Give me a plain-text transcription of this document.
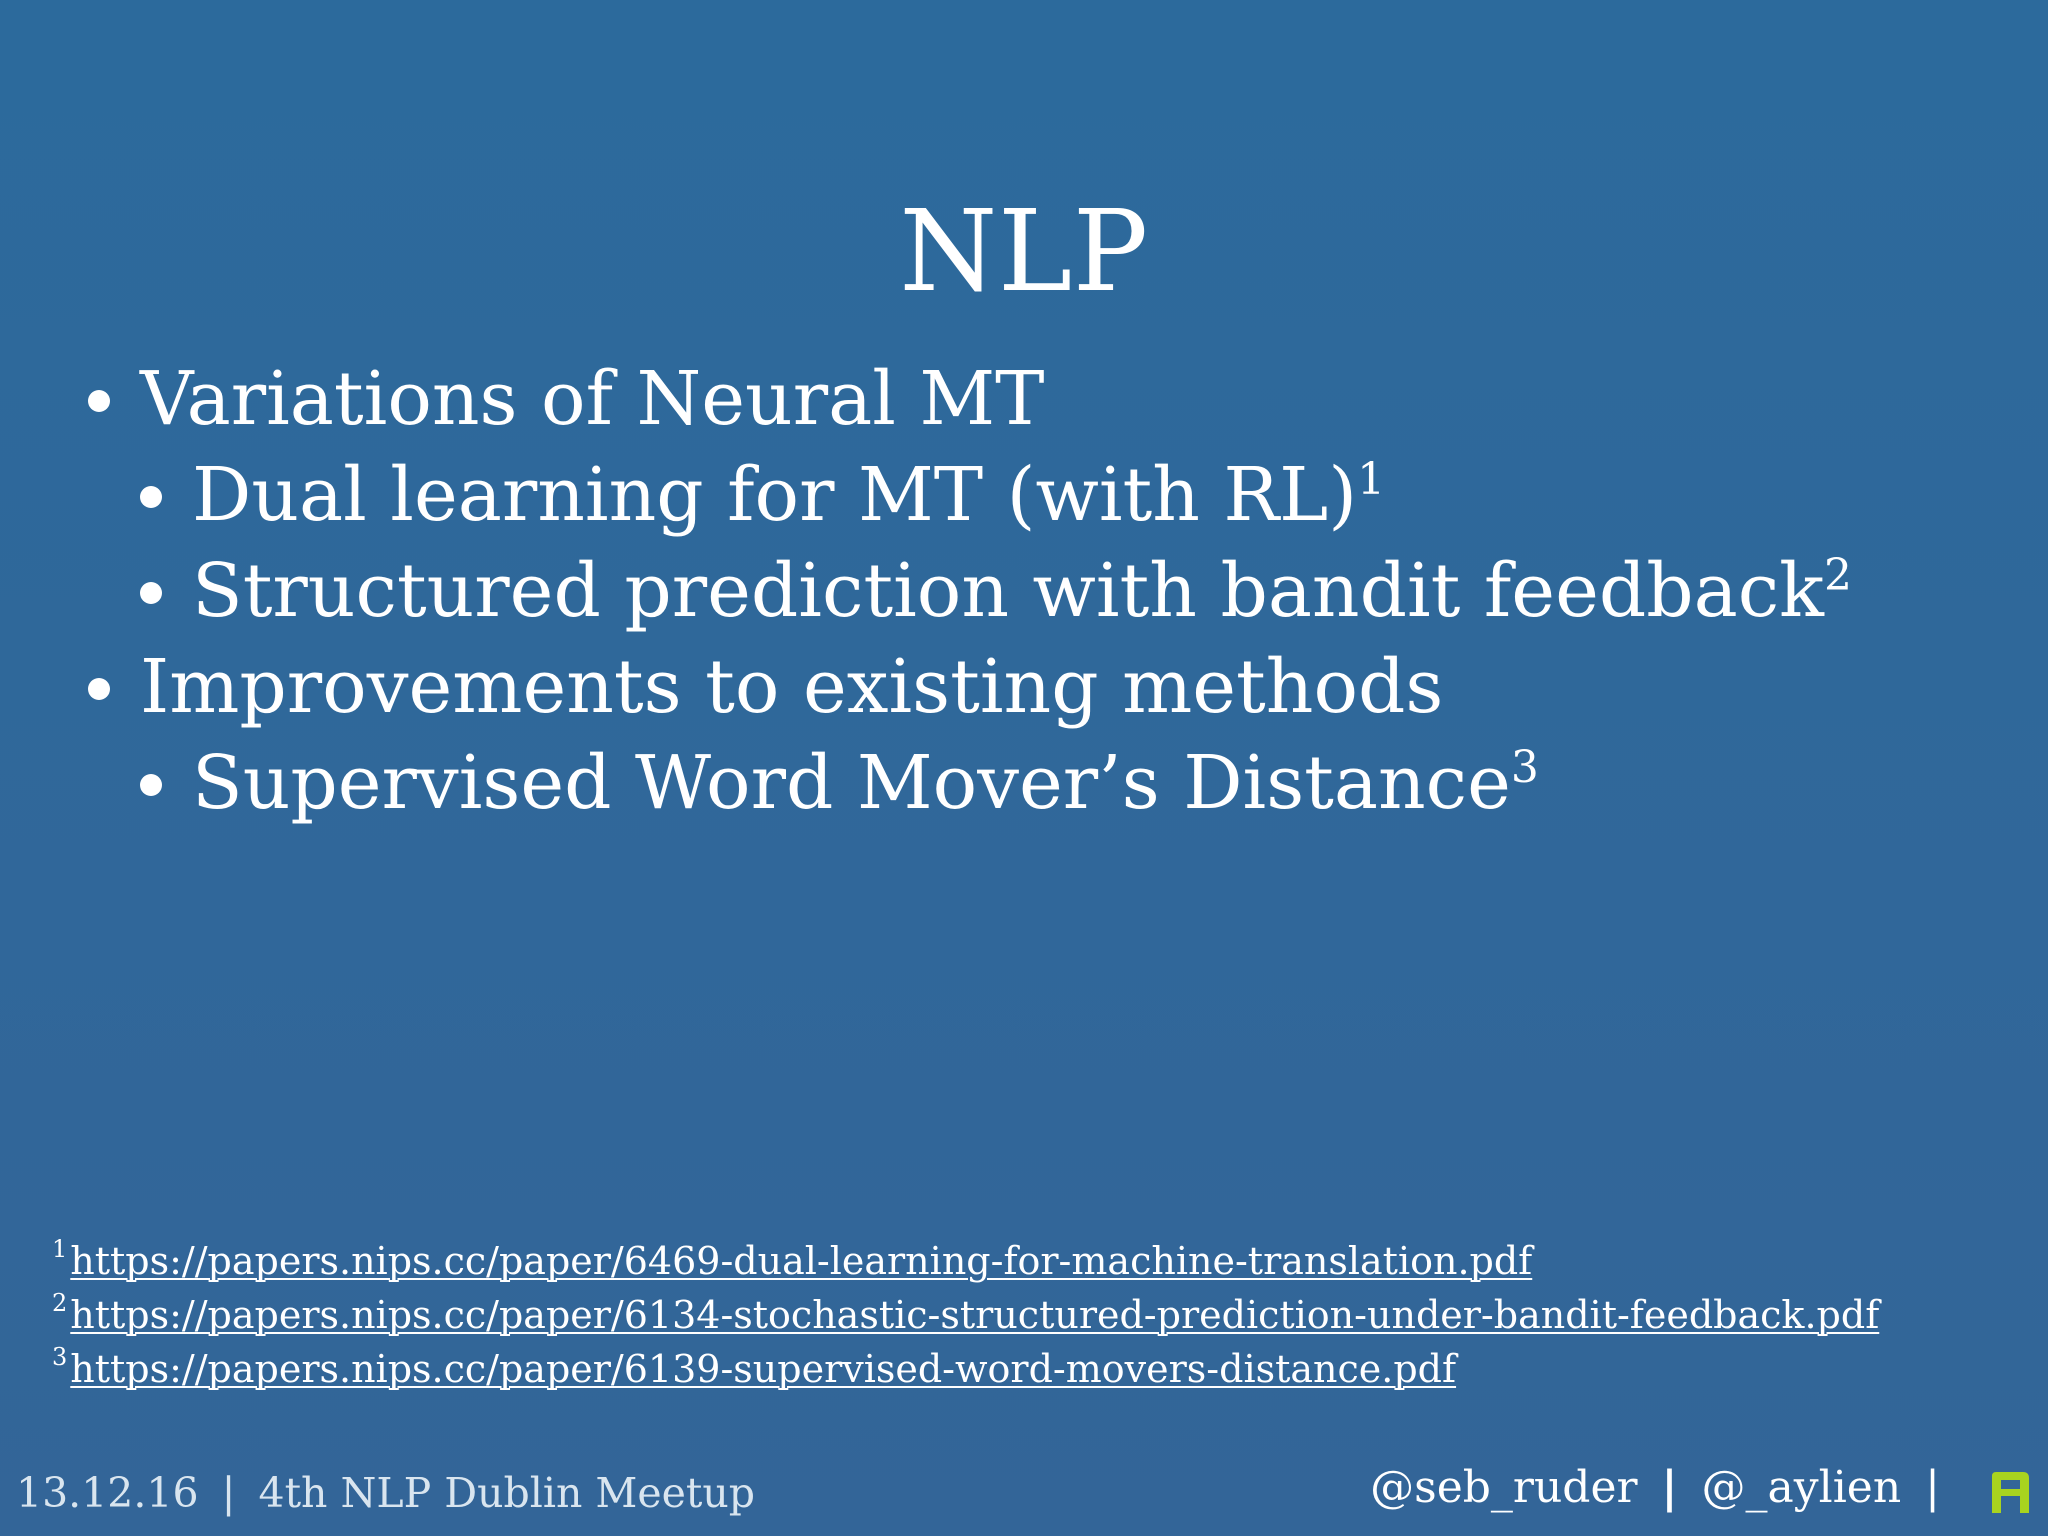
NLP
Variations of Neural MT
Dual learning for MT (with RL)$^1$
Structured prediction with bandit feedback$^2$
Improvements to existing methods
Supervised Word Mover’s Distance$^3$
$^1$https://papers.nips.cc/paper/6469-dual-learning-for-machine-translation.pdf
$^2$https://papers.nips.cc/paper/6134-stochastic-structured-prediction-under-bandit-feedback.pdf
$^3$https://papers.nips.cc/paper/6139-supervised-word-movers-distance.pdf
13.12.16 | 4th NLP Dublin Meetup	@seb_ruder | @_aylien |
